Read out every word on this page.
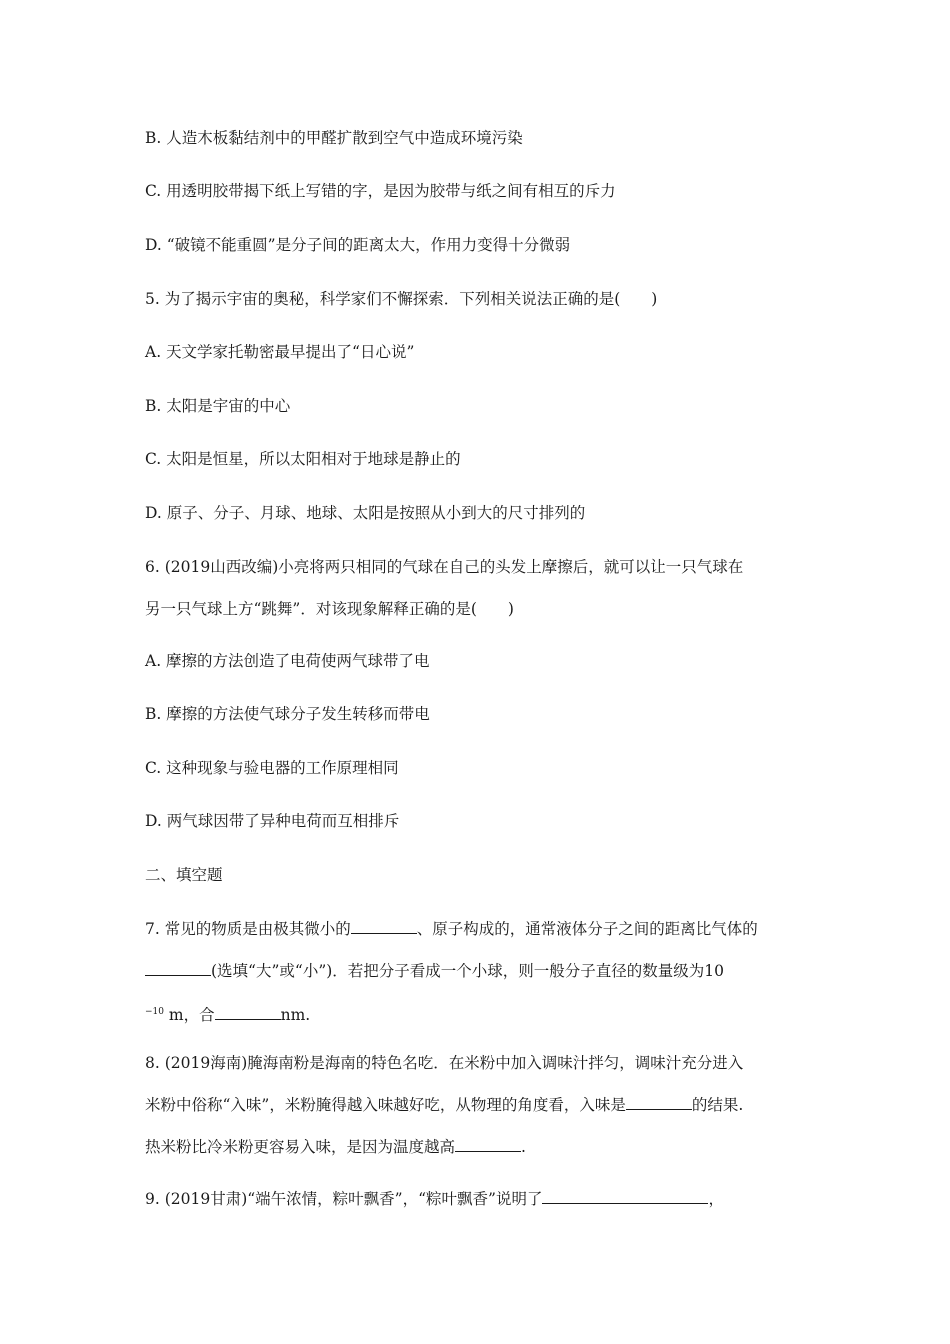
B. 人造木板黏结剂中的甲醛扩散到空气中造成环境污染
C. 用透明胶带揭下纸上写错的字，是因为胶带与纸之间有相互的斥力
D. “破镜不能重圆”是分子间的距离太大，作用力变得十分微弱
5. 为了揭示宇宙的奥秘，科学家们不懈探索．下列相关说法正确的是(　　)
A. 天文学家托勒密最早提出了“日心说”
B. 太阳是宇宙的中心
C. 太阳是恒星，所以太阳相对于地球是静止的
D. 原子、分子、月球、地球、太阳是按照从小到大的尺寸排列的
6. (2019山西改编)小亮将两只相同的气球在自己的头发上摩擦后，就可以让一只气球在
另一只气球上方“跳舞”．对该现象解释正确的是(　　)
A. 摩擦的方法创造了电荷使两气球带了电
B. 摩擦的方法使气球分子发生转移而带电
C. 这种现象与验电器的工作原理相同
D. 两气球因带了异种电荷而互相排斥
二、填空题
7. 常见的物质是由极其微小的	、原子构成的，通常液体分子之间的距离比气体的
(选填“大”或“小”)．若把分子看成一个小球，则一般分子直径的数量级为10
$^{-10}$ m，合	nm.
8. (2019海南)腌海南粉是海南的特色名吃．在米粉中加入调味汁拌匀，调味汁充分进入
米粉中俗称“入味”，米粉腌得越入味越好吃，从物理的角度看，入味是	的结果.
热米粉比冷米粉更容易入味，是因为温度越高	.
9. (2019甘肃)“端午浓情，粽叶飘香”，“粽叶飘香”说明了	，
